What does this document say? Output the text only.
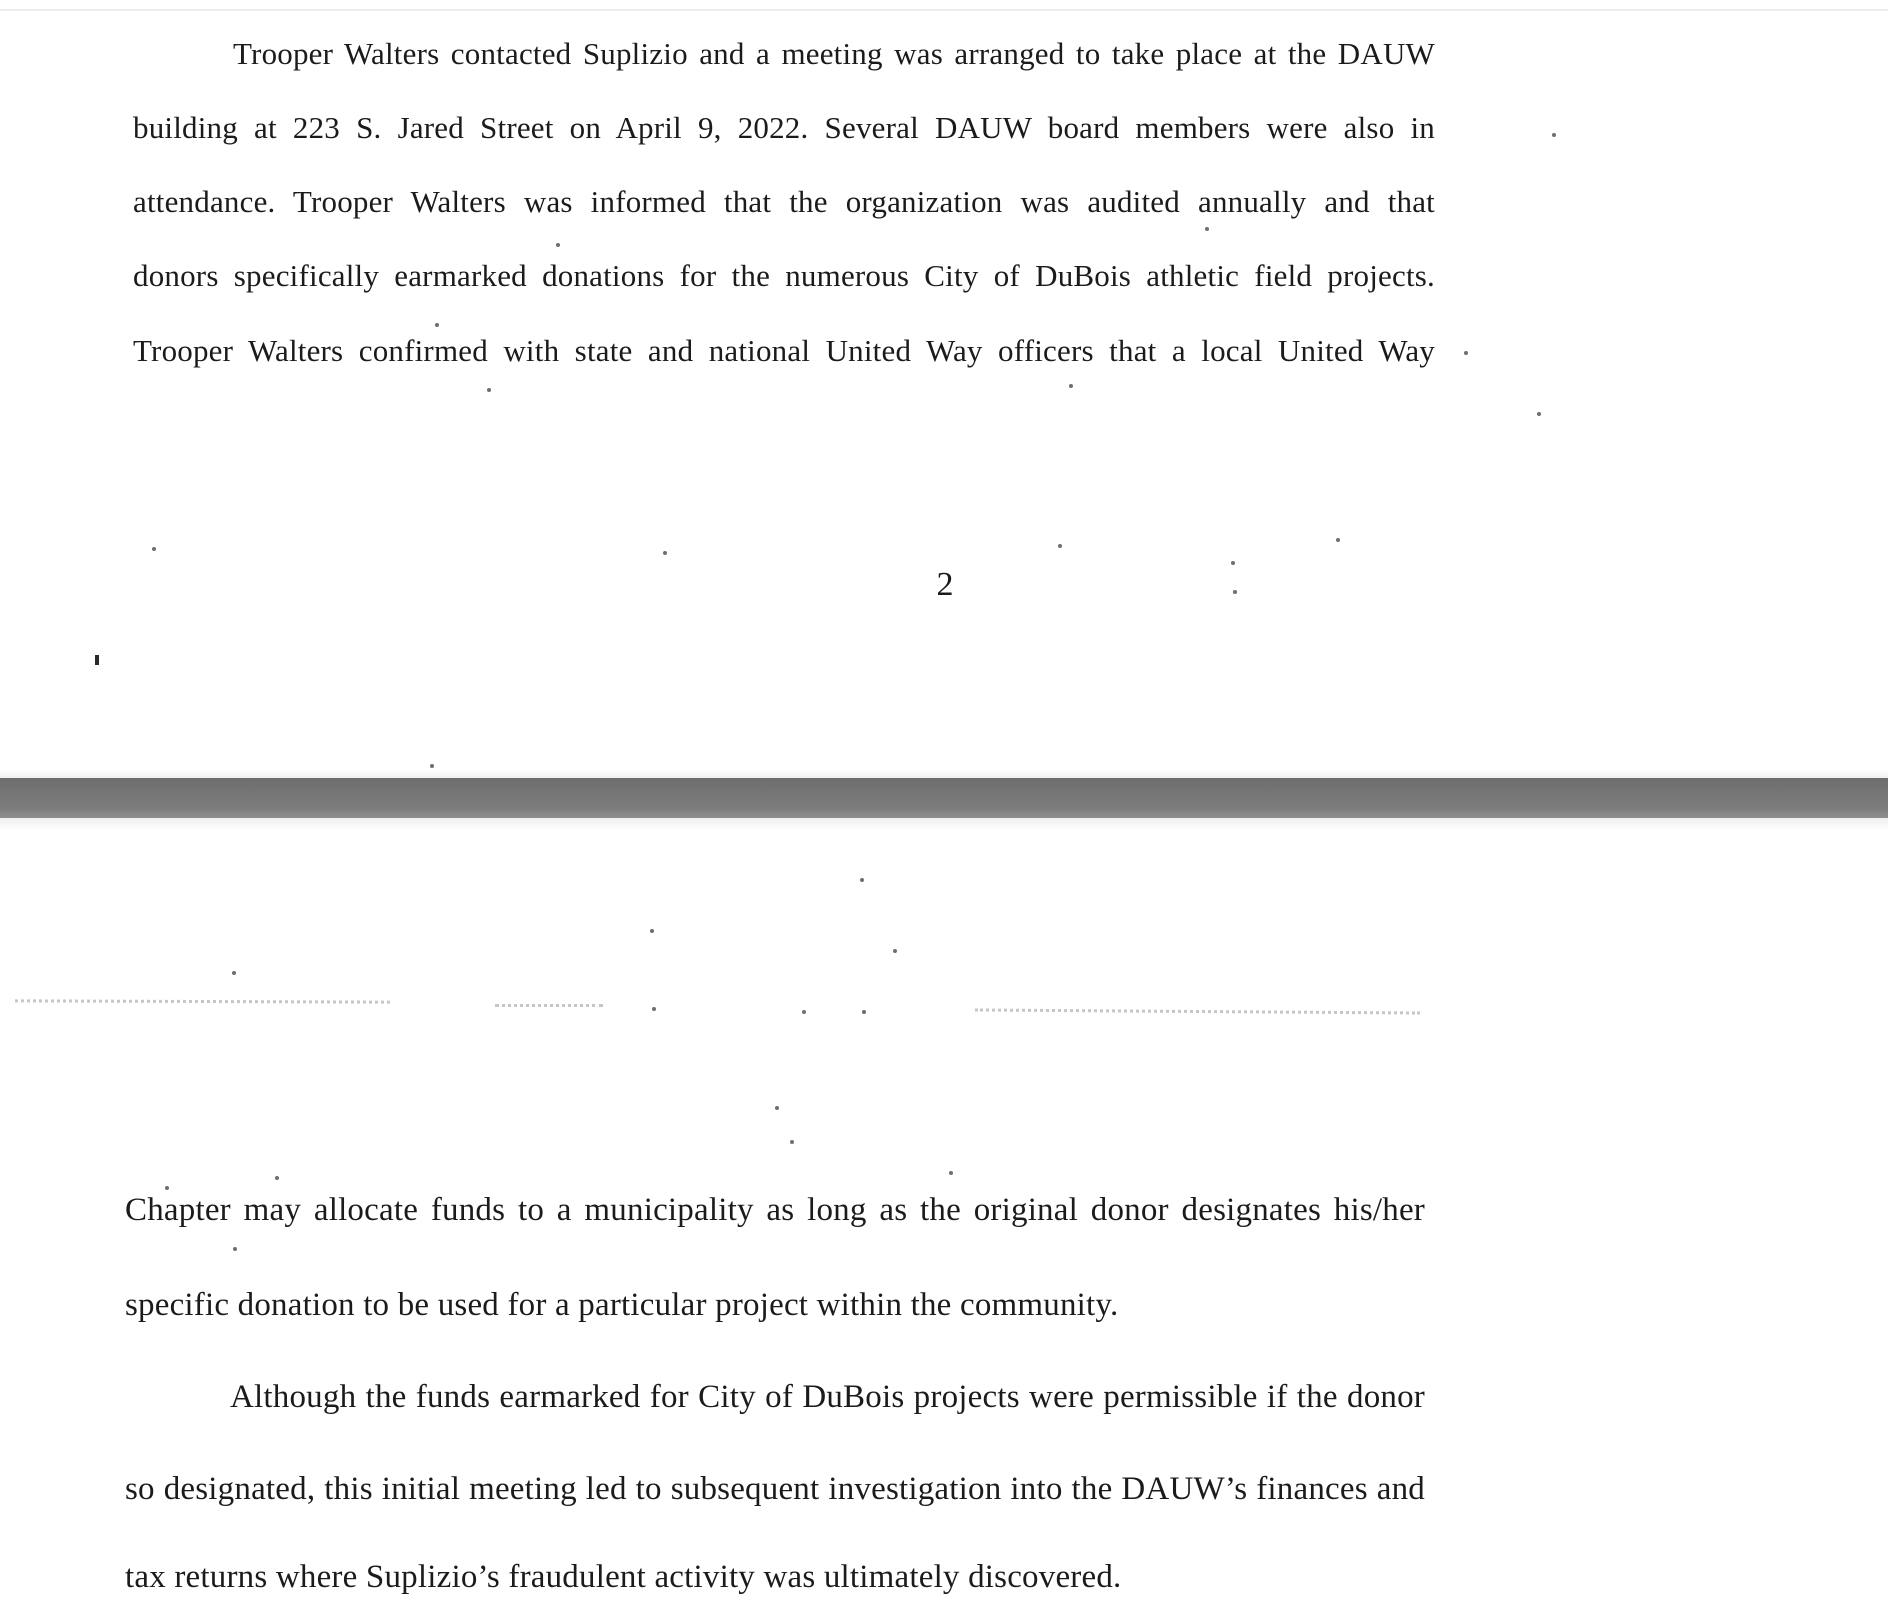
Trooper Walters contacted Suplizio and a meeting was arranged to take place at the DAUW
building at 223 S. Jared Street on April 9, 2022. Several DAUW board members were also in
attendance. Trooper Walters was informed that the organization was audited annually and that
donors specifically earmarked donations for the numerous City of DuBois athletic field projects.
Trooper Walters confirmed with state and national United Way officers that a local United Way
2
Chapter may allocate funds to a municipality as long as the original donor designates his/her
specific donation to be used for a particular project within the community.
Although the funds earmarked for City of DuBois projects were permissible if the donor
so designated, this initial meeting led to subsequent investigation into the DAUW’s finances and
tax returns where Suplizio’s fraudulent activity was ultimately discovered.
